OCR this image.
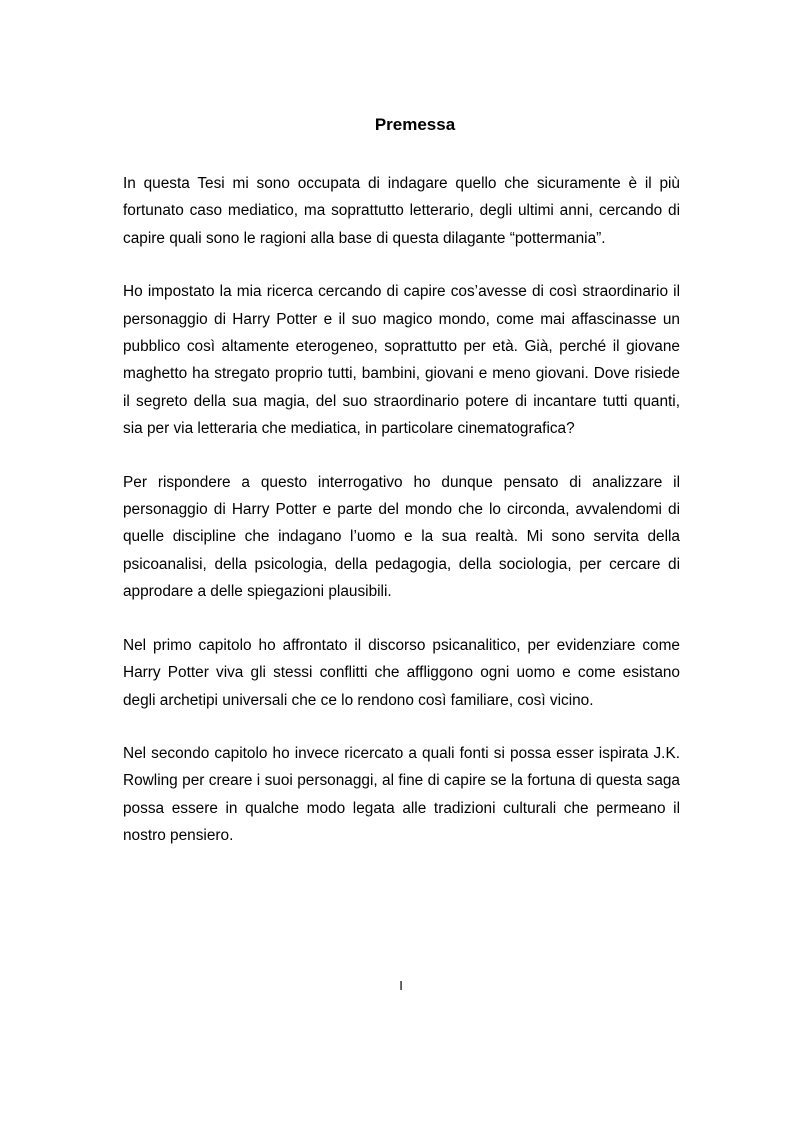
Premessa

In questa Tesi mi sono occupata di indagare quello che sicuramente è il più fortunato caso mediatico, ma soprattutto letterario, degli ultimi anni, cercando di capire quali sono le ragioni alla base di questa dilagante “pottermania”.

Ho impostato la mia ricerca cercando di capire cos’avesse di così straordinario il personaggio di Harry Potter e il suo magico mondo, come mai affascinasse un pubblico così altamente eterogeneo, soprattutto per età. Già, perché il giovane maghetto ha stregato proprio tutti, bambini, giovani e meno giovani. Dove risiede il segreto della sua magia, del suo straordinario potere di incantare tutti quanti, sia per via letteraria che mediatica, in particolare cinematografica?

Per rispondere a questo interrogativo ho dunque pensato di analizzare il personaggio di Harry Potter e parte del mondo che lo circonda, avvalendomi di quelle discipline che indagano l’uomo e la sua realtà. Mi sono servita della psicoanalisi, della psicologia, della pedagogia, della sociologia, per cercare di approdare a delle spiegazioni plausibili.

Nel primo capitolo ho affrontato il discorso psicanalitico, per evidenziare come Harry Potter viva gli stessi conflitti che affliggono ogni uomo e come esistano degli archetipi universali che ce lo rendono così familiare, così vicino.

Nel secondo capitolo ho invece ricercato a quali fonti si possa esser ispirata J.K. Rowling per creare i suoi personaggi, al fine di capire se la fortuna di questa saga possa essere in qualche modo legata alle tradizioni culturali che permeano il nostro pensiero.

I
